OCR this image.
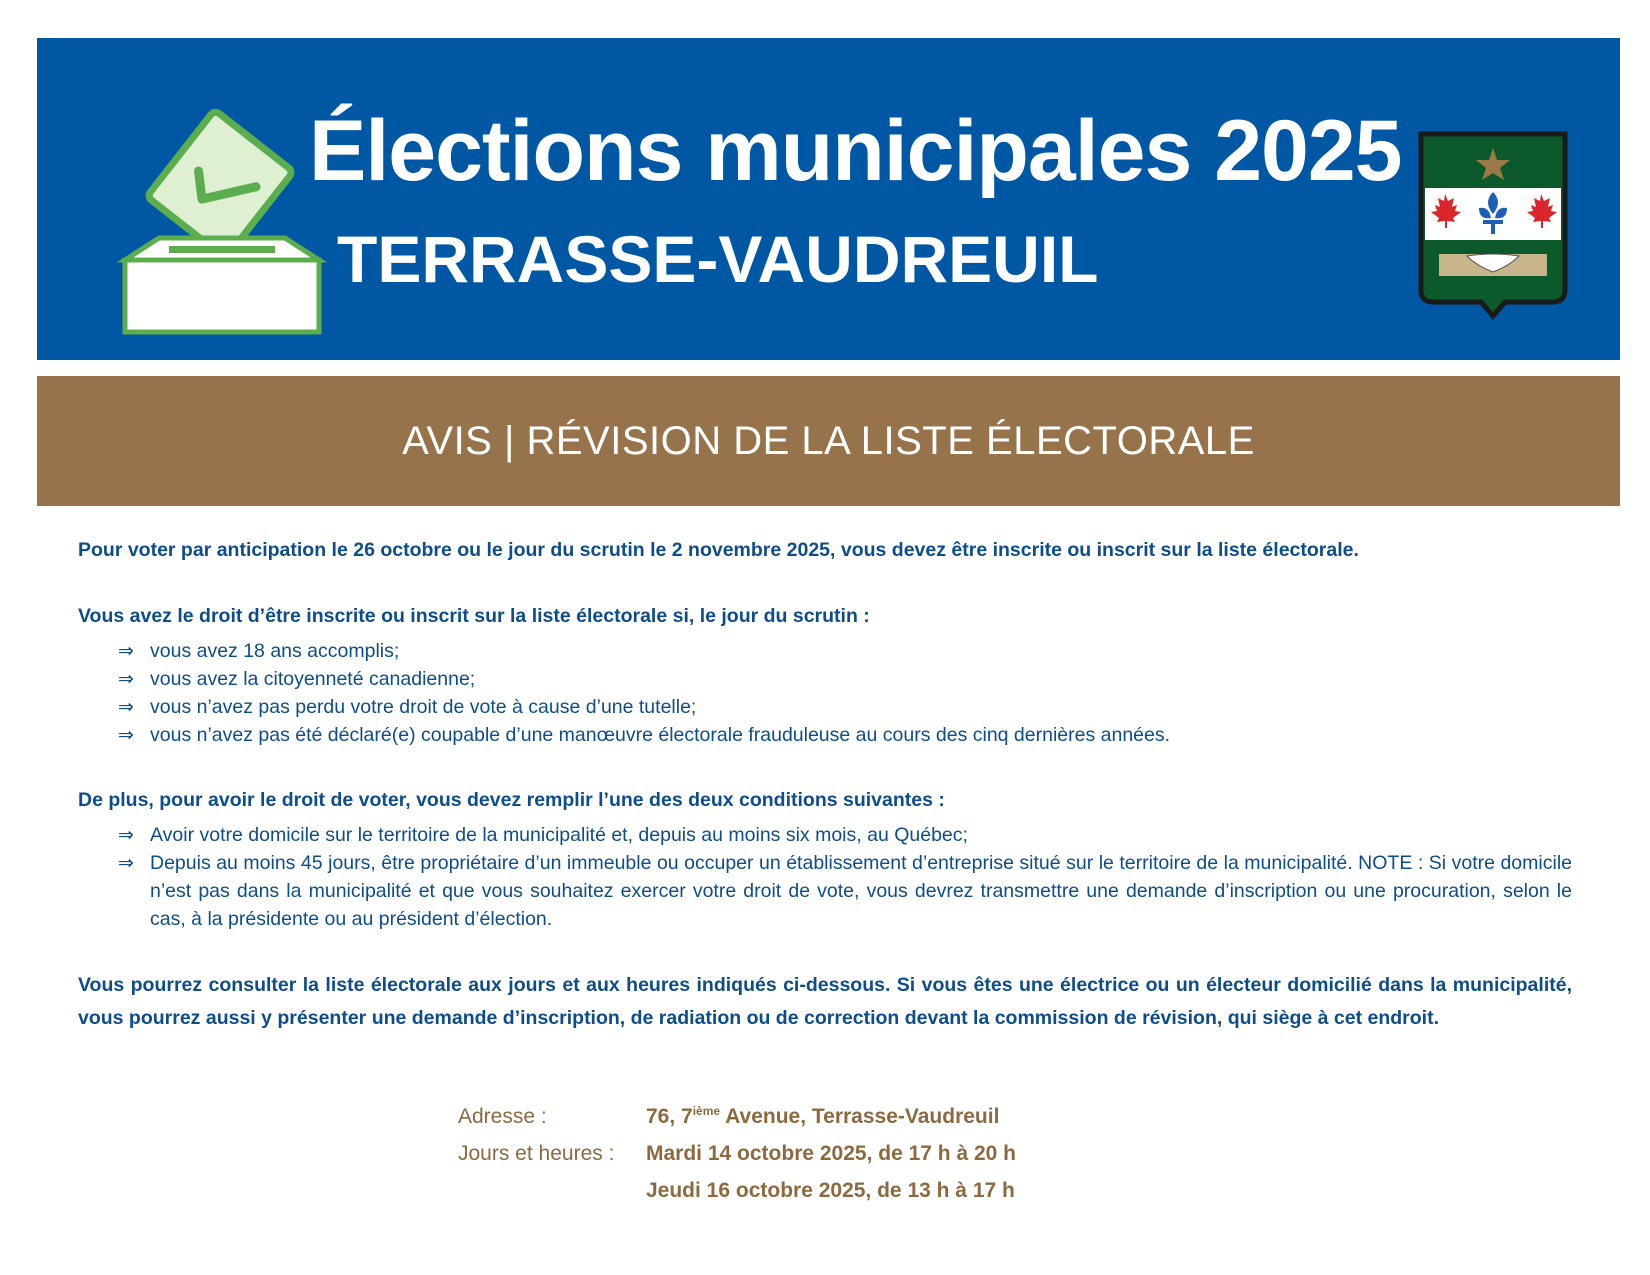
Élections municipales 2025
TERRASSE-VAUDREUIL
AVIS | RÉVISION DE LA LISTE ÉLECTORALE

Pour voter par anticipation le 26 octobre ou le jour du scrutin le 2 novembre 2025, vous devez être inscrite ou inscrit sur la liste électorale.

Vous avez le droit d’être inscrite ou inscrit sur la liste électorale si, le jour du scrutin :

⇒ vous avez 18 ans accomplis;
⇒ vous avez la citoyenneté canadienne;
⇒ vous n’avez pas perdu votre droit de vote à cause d’une tutelle;
⇒ vous n’avez pas été déclaré(e) coupable d’une manœuvre électorale frauduleuse au cours des cinq dernières années.

De plus, pour avoir le droit de voter, vous devez remplir l’une des deux conditions suivantes :

⇒ Avoir votre domicile sur le territoire de la municipalité et, depuis au moins six mois, au Québec;
⇒ Depuis au moins 45 jours, être propriétaire d’un immeuble ou occuper un établissement d’entreprise situé sur le territoire de la municipalité. NOTE : Si votre domicile n’est pas dans la municipalité et que vous souhaitez exercer votre droit de vote, vous devrez transmettre une demande d’inscription ou une procuration, selon le cas, à la présidente ou au président d’élection.

Vous pourrez consulter la liste électorale aux jours et aux heures indiqués ci-dessous. Si vous êtes une électrice ou un électeur domicilié dans la municipalité, vous pourrez aussi y présenter une demande d’inscription, de radiation ou de correction devant la commission de révision, qui siège à cet endroit.

Adresse :	76, 7ième Avenue, Terrasse-Vaudreuil
Jours et heures :	Mardi 14 octobre 2025, de 17 h à 20 h
Jeudi 16 octobre 2025, de 13 h à 17 h
